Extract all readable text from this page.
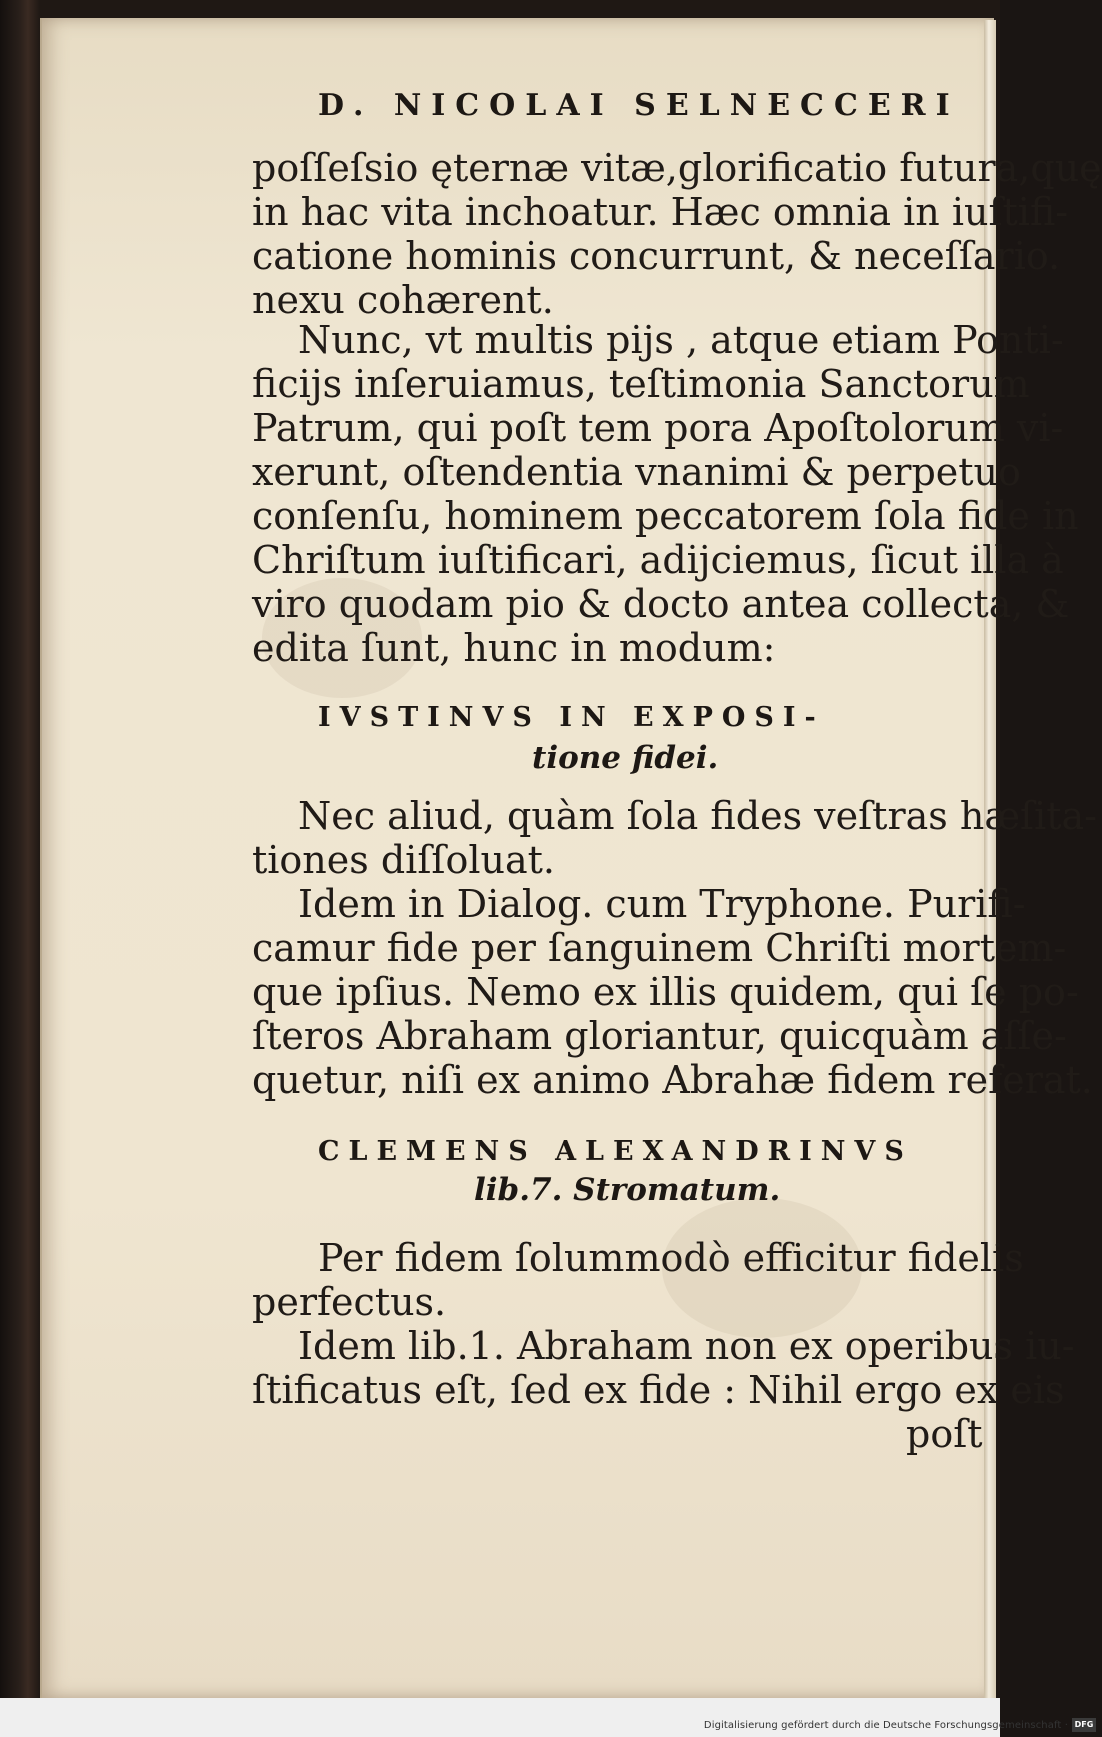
D. NICOLAI SELNECCERI
poſſeſsio ęternæ vitæ,glorificatio futura,quę
in hac vita inchoatur. Hæc omnia in iuſtifi-
catione hominis concurrunt, & neceſſario.
nexu cohærent.
Nunc, vt multis pijs , atque etiam Ponti-
ficijs inſeruiamus, teſtimonia Sanctorum
Patrum, qui poſt tem pora Apoſtolorum vi-
xerunt, oſtendentia vnanimi & perpetuo
conſenſu, hominem peccatorem ſola fide in
Chriſtum iuſtificari, adijciemus, ſicut illa à
viro quodam pio & docto antea collecta, &
edita ſunt, hunc in modum:
IVSTINVS IN EXPOSI-
tione fidei.
Nec aliud, quàm ſola fides veſtras hæſita-
tiones diſſoluat.
Idem in Dialog. cum Tryphone. Purifi-
camur fide per ſanguinem Chriſti mortem-
que ipſius. Nemo ex illis quidem, qui ſe po-
ſteros Abraham gloriantur, quicquàm aſſe-
quetur, niſi ex animo Abrahæ fidem referat.
CLEMENS ALEXANDRINVS
lib.7. Stromatum.
Per fidem ſolummodò efficitur fidelis
perfectus.
Idem lib.1. Abraham non ex operibus iu-
ſtificatus eſt, ſed ex fide : Nihil ergo ex eis
poſt
Digitalisierung gefördert durch die Deutsche Forschungsgemeinschaft · DFG
